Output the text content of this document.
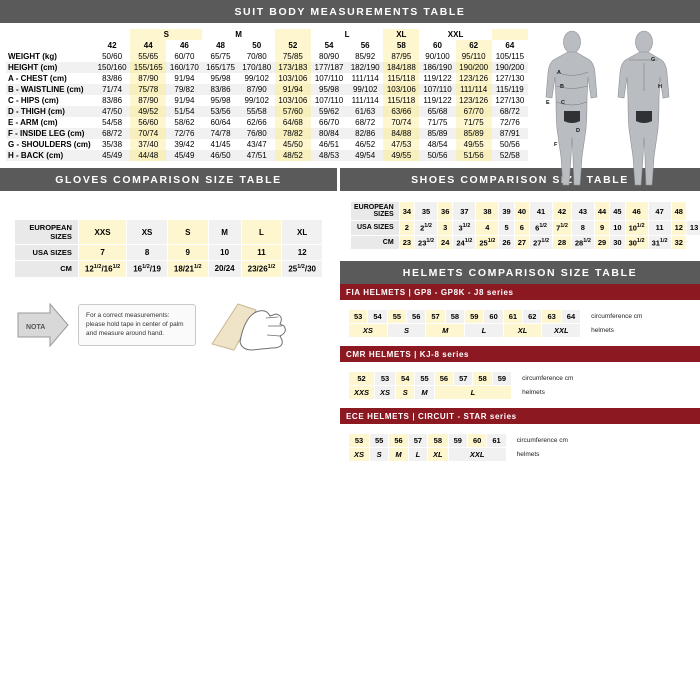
SUIT BODY MEASUREMENTS TABLE
		S		M			L		XL	XXL		
	42	44	46	48	50	52	54	56	58	60	62	64
WEIGHT (kg)	50/60	55/65	60/70	65/75	70/80	75/85	80/90	85/92	87/95	90/100	95/110	105/115
HEIGHT (cm)	150/160	155/165	160/170	165/175	170/180	173/183	177/187	182/190	184/188	186/190	190/200	190/200
A - CHEST (cm)	83/86	87/90	91/94	95/98	99/102	103/106	107/110	111/114	115/118	119/122	123/126	127/130
B - WAISTLINE (cm)	71/74	75/78	79/82	83/86	87/90	91/94	95/98	99/102	103/106	107/110	111/114	115/119
C - HIPS (cm)	83/86	87/90	91/94	95/98	99/102	103/106	107/110	111/114	115/118	119/122	123/126	127/130
D - THIGH (cm)	47/50	49/52	51/54	53/56	55/58	57/60	59/62	61/63	63/66	65/68	67/70	68/72
E - ARM (cm)	54/58	56/60	58/62	60/64	62/66	64/68	66/70	68/72	70/74	71/75	71/75	72/76
F - INSIDE LEG (cm)	68/72	70/74	72/76	74/78	76/80	78/82	80/84	82/86	84/88	85/89	85/89	87/91
G - SHOULDERS (cm)	35/38	37/40	39/42	41/45	43/47	45/50	46/51	46/52	47/53	48/54	49/55	50/56
H - BACK (cm)	45/49	44/48	45/49	46/50	47/51	48/52	48/53	49/54	49/55	50/56	51/56	52/58
A
B
C
D
E
F
G
H
GLOVES COMPARISON SIZE TABLE
EUROPEAN SIZES	XXS	XS	S	M	L	XL
USA SIZES	7	8	9	10	11	12
CM	$12^{1/2}/16^{1/2}$	$16^{1/2}/19$	$18/21^{1/2}$	20/24	$23/26^{1/2}$	$25^{1/2}/30$
NOTA
For a correct measurements: please hold tape in center of palm and measure around hand.
SHOES COMPARISON SIZE TABLE
EUROPEAN SIZES	34	35	36	37	38	39	40	41	42	43	44	45	46	47	48	
USA SIZES	2	$2^{1/2}$	3	$3^{1/2}$	4	5	6	$6^{1/2}$	$7^{1/2}$	8	9	10	$10^{1/2}$	11	12	13
CM	23	$23^{1/2}$	24	$24^{1/2}$	$25^{1/2}$	26	27	$27^{1/2}$	28	$28^{1/2}$	29	30	$30^{1/2}$	$31^{1/2}$	32	
HELMETS COMPARISON SIZE TABLE
FIA HELMETS | GP8 - GP8K - J8 series
53	54	55	56	57	58	59	60	61	62	63	64	circumference cm
XS		S		M		L		XL		XXL		helmets
CMR HELMETS | KJ-8 series
52	53	54	55	56	57	58	59	circumference cm
XXS	XS	S	M	L				helmets
ECE HELMETS | CIRCUIT - STAR series
53	55	56	57	58	59	60	61	circumference cm
XS	S	M	L	XL	XXL			helmets
